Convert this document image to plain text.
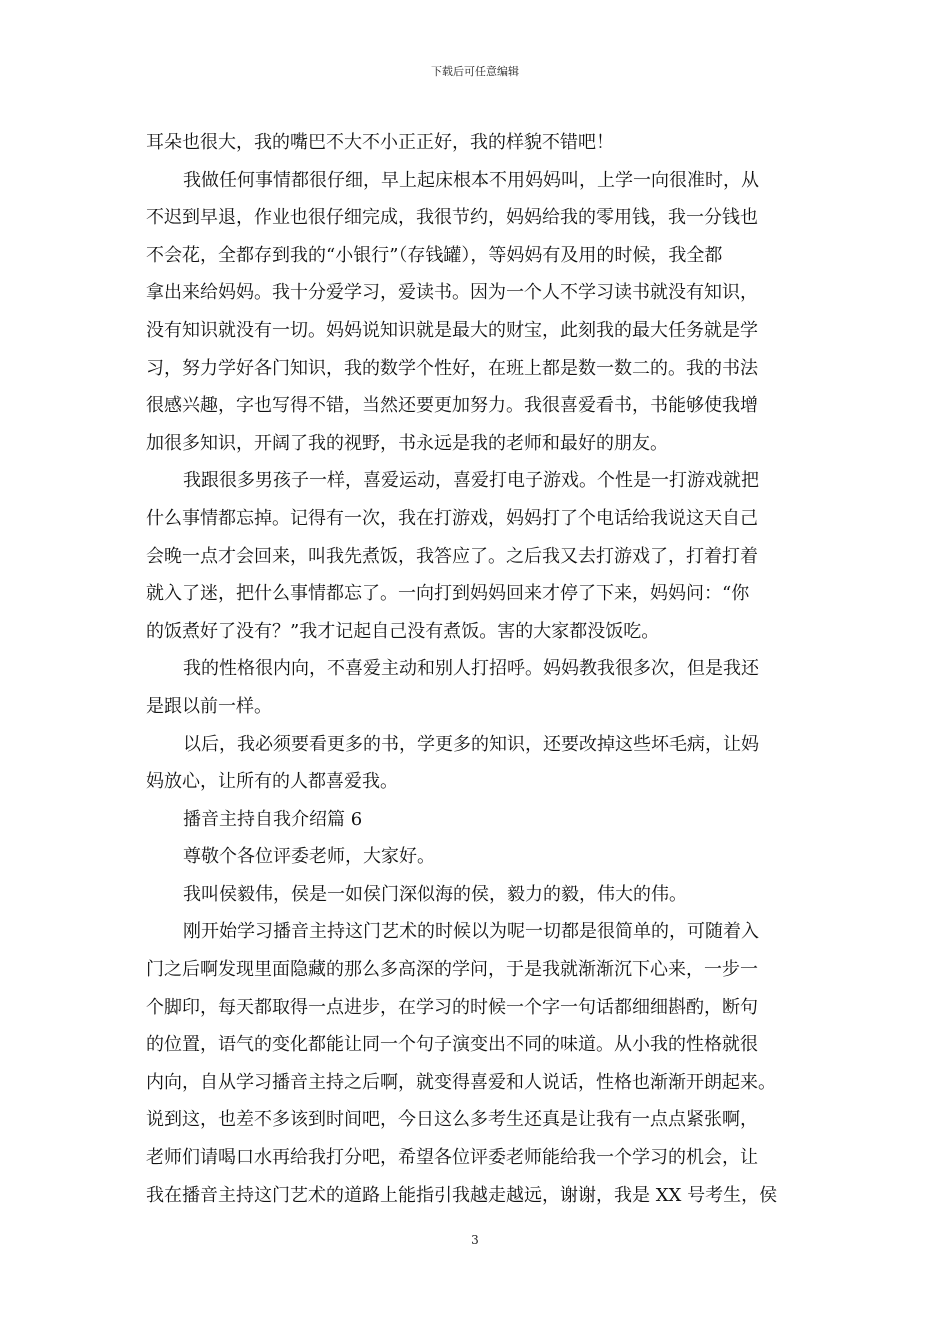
下载后可任意编辑
耳朵也很大，我的嘴巴不大不小正正好，我的样貌不错吧！
我做任何事情都很仔细，早上起床根本不用妈妈叫，上学一向很准时，从
不迟到早退，作业也很仔细完成，我很节约，妈妈给我的零用钱，我一分钱也
不会花，全都存到我的“小银行”（存钱罐），等妈妈有及用的时候，我全都
拿出来给妈妈。我十分爱学习，爱读书。因为一个人不学习读书就没有知识，
没有知识就没有一切。妈妈说知识就是最大的财宝，此刻我的最大任务就是学
习，努力学好各门知识，我的数学个性好，在班上都是数一数二的。我的书法
很感兴趣，字也写得不错，当然还要更加努力。我很喜爱看书，书能够使我增
加很多知识，开阔了我的视野，书永远是我的老师和最好的朋友。
我跟很多男孩子一样，喜爱运动，喜爱打电子游戏。个性是一打游戏就把
什么事情都忘掉。记得有一次，我在打游戏，妈妈打了个电话给我说这天自己
会晚一点才会回来，叫我先煮饭，我答应了。之后我又去打游戏了，打着打着
就入了迷，把什么事情都忘了。一向打到妈妈回来才停了下来，妈妈问：“你
的饭煮好了没有？”我才记起自己没有煮饭。害的大家都没饭吃。
我的性格很内向，不喜爱主动和别人打招呼。妈妈教我很多次，但是我还
是跟以前一样。
以后，我必须要看更多的书，学更多的知识，还要改掉这些坏毛病，让妈
妈放心，让所有的人都喜爱我。
播音主持自我介绍篇 6
尊敬个各位评委老师，大家好。
我叫侯毅伟，侯是一如侯门深似海的侯，毅力的毅，伟大的伟。
刚开始学习播音主持这门艺术的时候以为呢一切都是很简单的，可随着入
门之后啊发现里面隐藏的那么多高深的学问，于是我就渐渐沉下心来，一步一
个脚印，每天都取得一点进步，在学习的时候一个字一句话都细细斟酌，断句
的位置，语气的变化都能让同一个句子演变出不同的味道。从小我的性格就很
内向，自从学习播音主持之后啊，就变得喜爱和人说话，性格也渐渐开朗起来。
说到这，也差不多该到时间吧，今日这么多考生还真是让我有一点点紧张啊，
老师们请喝口水再给我打分吧，希望各位评委老师能给我一个学习的机会，让
我在播音主持这门艺术的道路上能指引我越走越远，谢谢，我是 XX 号考生，侯
3
